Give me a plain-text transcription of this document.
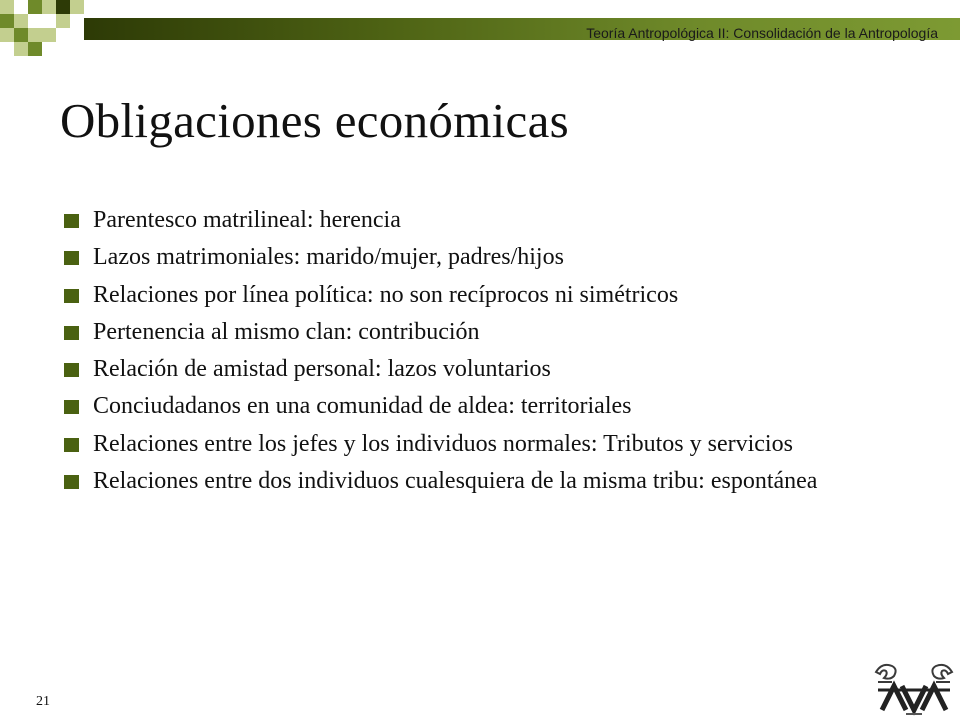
Teoría Antropológica II: Consolidación de la Antropología
Obligaciones económicas
Parentesco matrilineal: herencia
Lazos matrimoniales: marido/mujer, padres/hijos
Relaciones por línea política: no son recíprocos ni simétricos
Pertenencia al mismo clan: contribución
Relación de amistad personal: lazos voluntarios
Conciudadanos en una comunidad de aldea: territoriales
Relaciones entre los jefes y los individuos normales: Tributos y servicios
Relaciones entre dos individuos cualesquiera de la misma tribu: espontánea
21
